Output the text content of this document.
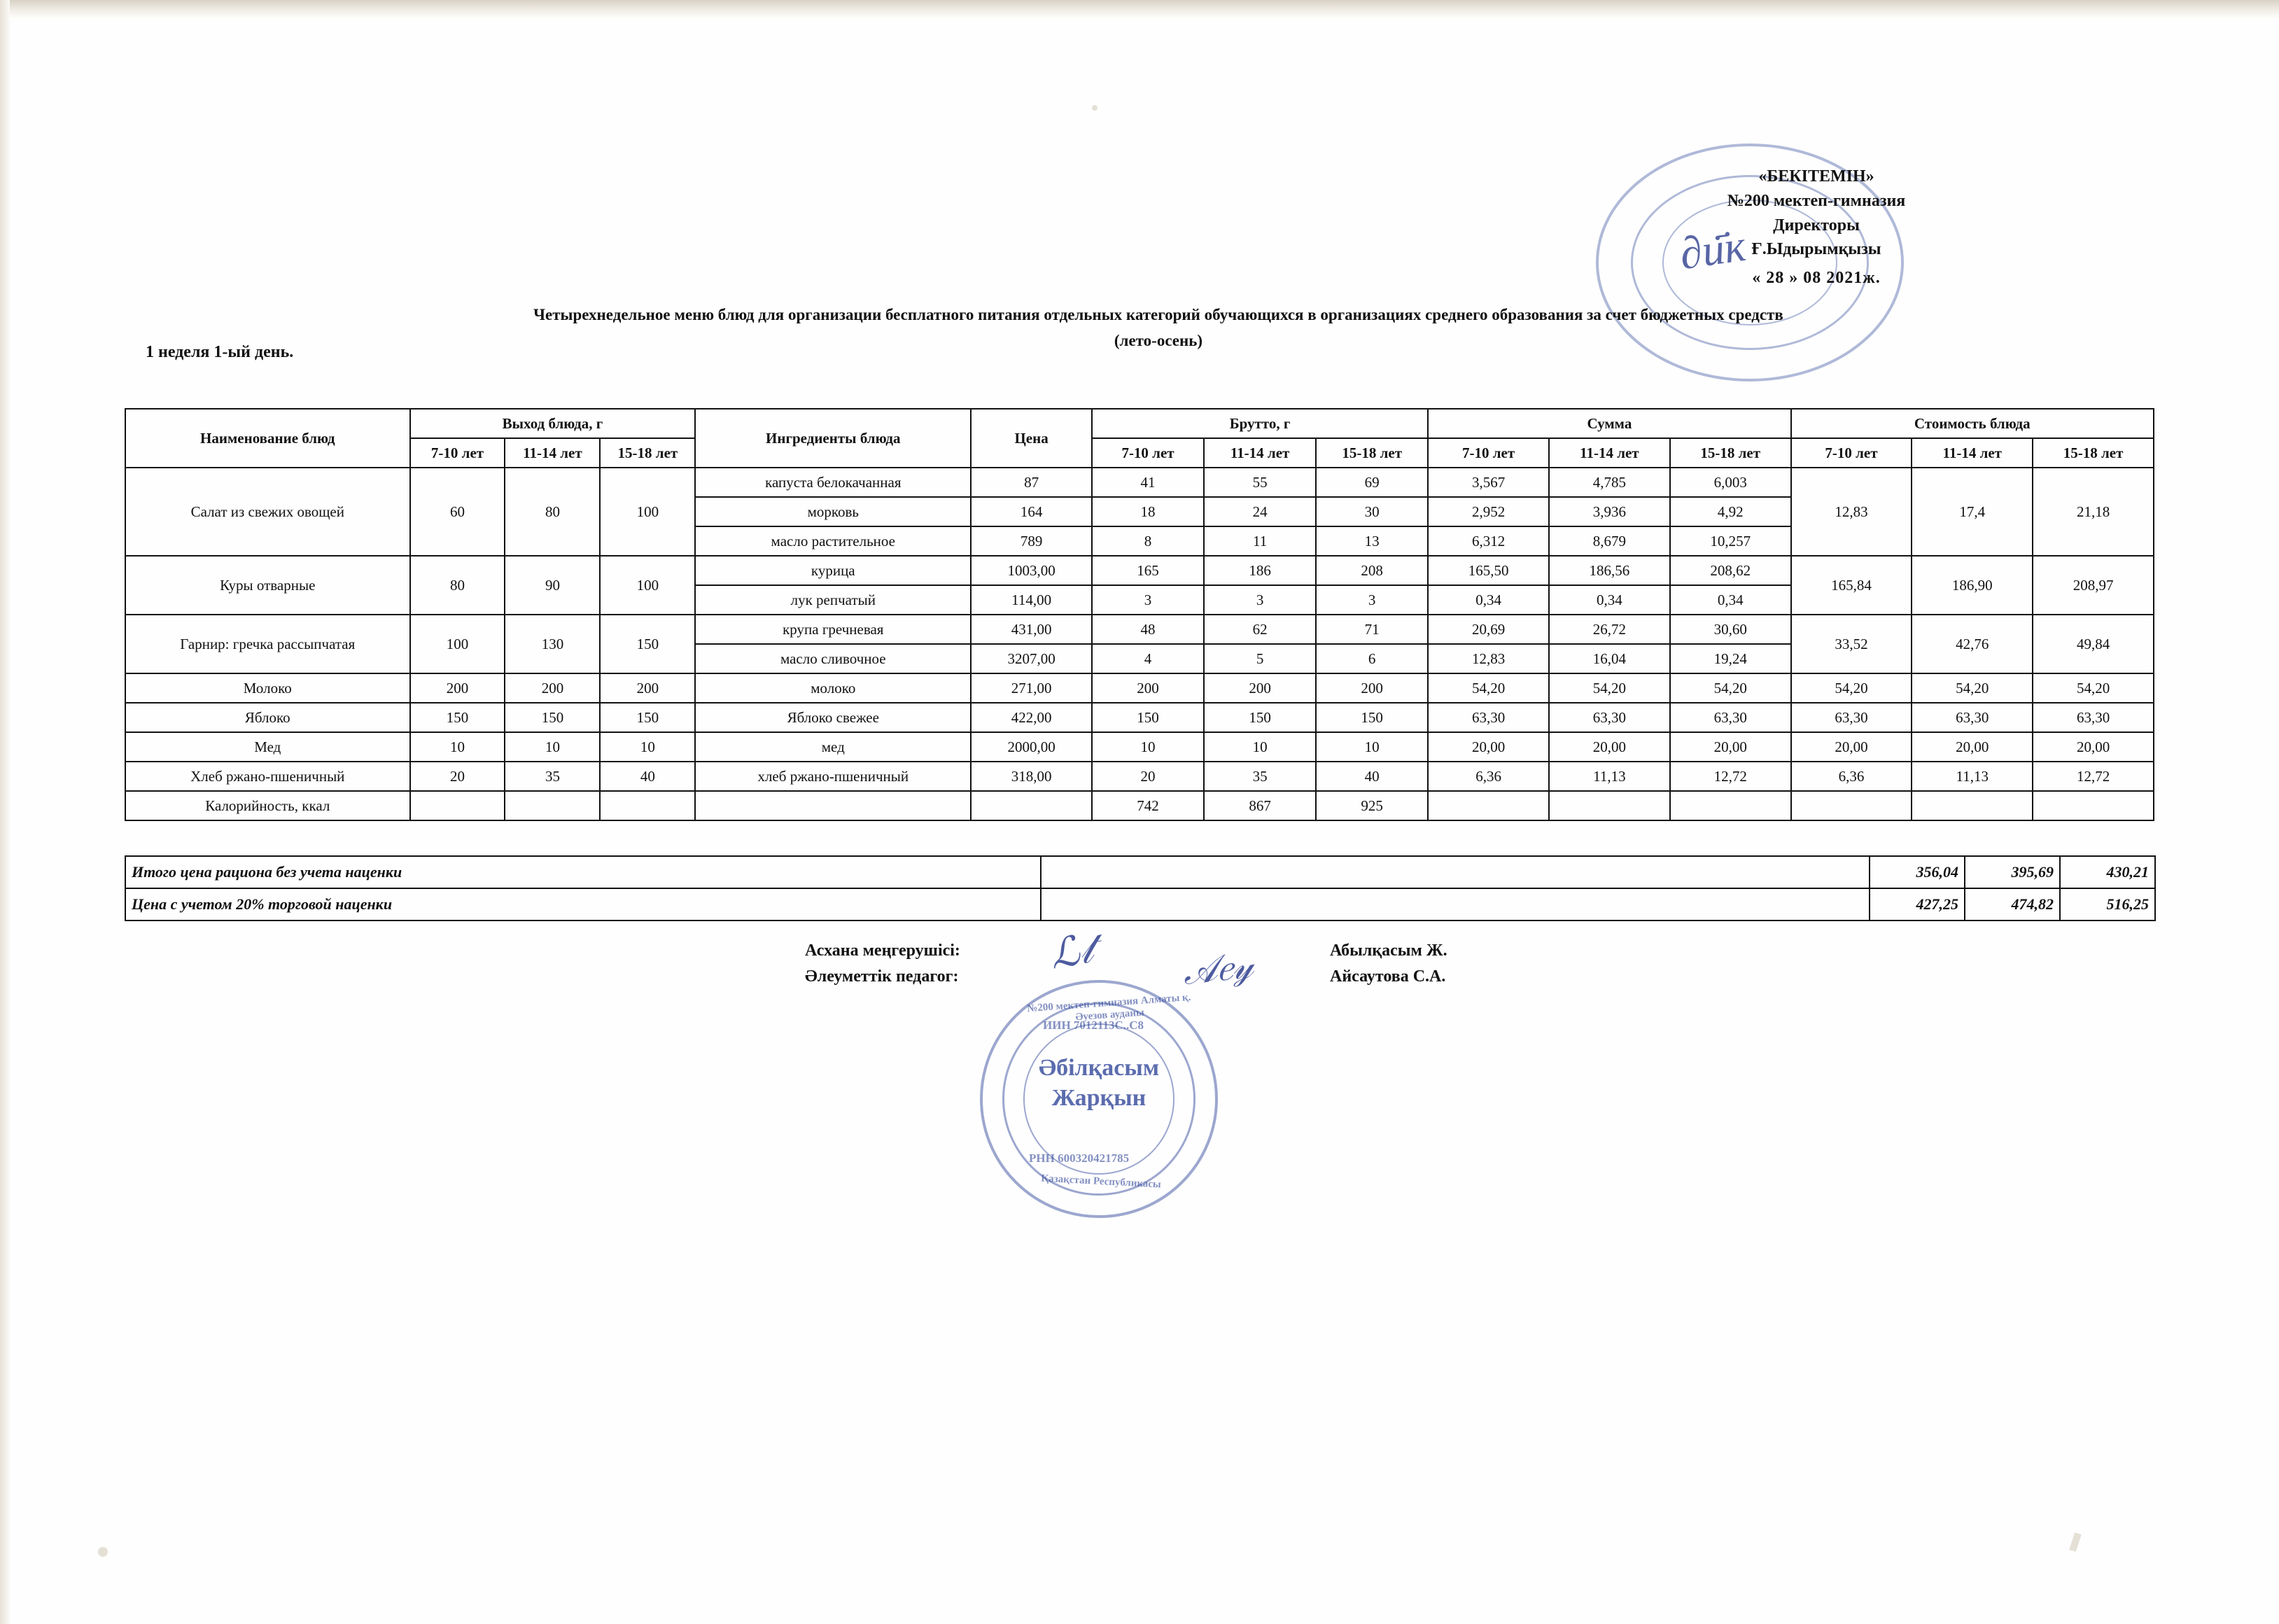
«БЕКІТЕМІН»
№200 мектеп-гимназия
Директоры
Ғ.Ыдырымқызы
« 28 » 08 2021ж.
∂и҃к
Четырехнедельное меню блюд для организации бесплатного питания отдельных категорий обучающихся в организациях среднего образования за счет бюджетных средств
(лето-осень)
1 неделя 1-ый день.
Наименование блюд	Выход блюда, г			Ингредиенты блюда	Цена	Брутто, г			Сумма			Стоимость блюда		
	7-10 лет	11-14 лет	15-18 лет			7-10 лет	11-14 лет	15-18 лет	7-10 лет	11-14 лет	15-18 лет	7-10 лет	11-14 лет	15-18 лет
Салат из свежих овощей	60	80	100	капуста белокачанная	87	41	55	69	3,567	4,785	6,003	12,83	17,4	21,18
				морковь	164	18	24	30	2,952	3,936	4,92			
				масло растительное	789	8	11	13	6,312	8,679	10,257			
Куры отварные	80	90	100	курица	1003,00	165	186	208	165,50	186,56	208,62	165,84	186,90	208,97
				лук репчатый	114,00	3	3	3	0,34	0,34	0,34			
Гарнир: гречка рассыпчатая	100	130	150	крупа гречневая	431,00	48	62	71	20,69	26,72	30,60	33,52	42,76	49,84
				масло сливочное	3207,00	4	5	6	12,83	16,04	19,24			
Молоко	200	200	200	молоко	271,00	200	200	200	54,20	54,20	54,20	54,20	54,20	54,20
Яблоко	150	150	150	Яблоко свежее	422,00	150	150	150	63,30	63,30	63,30	63,30	63,30	63,30
Мед	10	10	10	мед	2000,00	10	10	10	20,00	20,00	20,00	20,00	20,00	20,00
Хлеб ржано-пшеничный	20	35	40	хлеб ржано-пшеничный	318,00	20	35	40	6,36	11,13	12,72	6,36	11,13	12,72
Калорийность, ккал						742	867	925						
Итого цена рациона без учета наценки		356,04	395,69	430,21
Цена с учетом 20% торговой наценки		427,25	474,82	516,25
Асхана меңгерушісі:	Абылқасым Ж.
Әлеуметтік педагог:	Айсаутова С.А.
ℒ𝓉 𝒜𝑒𝓎
Әбілқасым
Жарқын
ИИН 7012113С..С8
РНН 600320421785
№200 мектеп-гимназия Алматы қ. Әуезов ауданы
Қазақстан Республикасы
